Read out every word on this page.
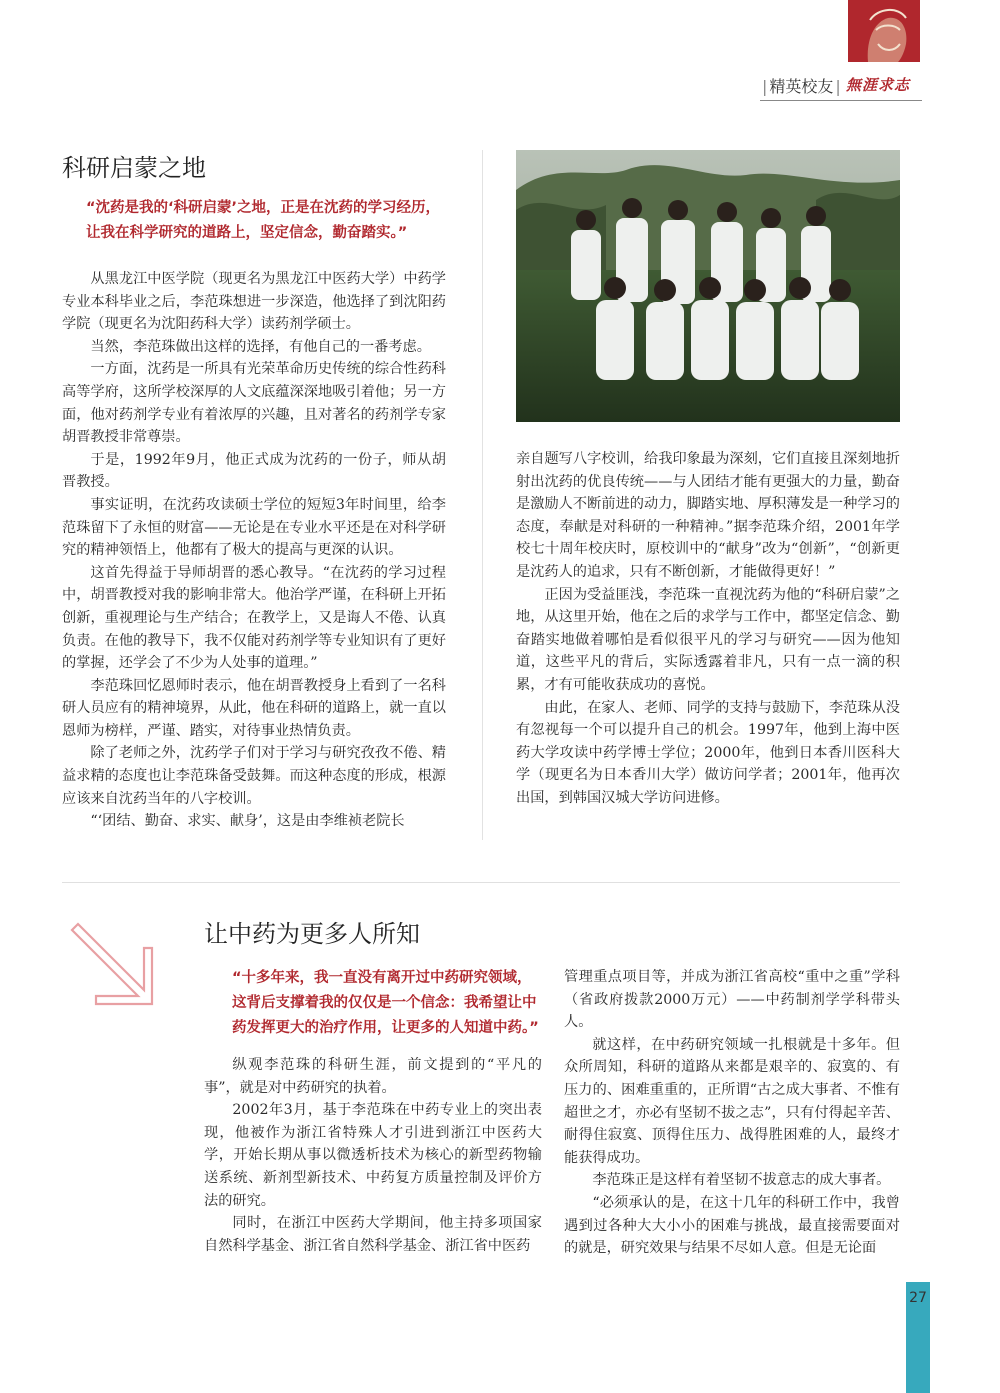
| 精英校友 | 無涯求志
科研启蒙之地
“沈药是我的‘科研启蒙’之地，正是在沈药的学习经历，让我在科学研究的道路上，坚定信念，勤奋踏实。”

从黑龙江中医学院（现更名为黑龙江中医药大学）中药学专业本科毕业之后，李范珠想进一步深造，他选择了到沈阳药学院（现更名为沈阳药科大学）读药剂学硕士。

当然，李范珠做出这样的选择，有他自己的一番考虑。

一方面，沈药是一所具有光荣革命历史传统的综合性药科高等学府，这所学校深厚的人文底蕴深深地吸引着他；另一方面，他对药剂学专业有着浓厚的兴趣，且对著名的药剂学专家胡晋教授非常尊崇。

于是，1992年9月，他正式成为沈药的一份子，师从胡晋教授。

事实证明，在沈药攻读硕士学位的短短3年时间里，给李范珠留下了永恒的财富——无论是在专业水平还是在对科学研究的精神领悟上，他都有了极大的提高与更深的认识。

这首先得益于导师胡晋的悉心教导。“在沈药的学习过程中，胡晋教授对我的影响非常大。他治学严谨，在科研上开拓创新，重视理论与生产结合；在教学上，又是诲人不倦、认真负责。在他的教导下，我不仅能对药剂学等专业知识有了更好的掌握，还学会了不少为人处事的道理。”

李范珠回忆恩师时表示，他在胡晋教授身上看到了一名科研人员应有的精神境界，从此，他在科研的道路上，就一直以恩师为榜样，严谨、踏实，对待事业热情负责。

除了老师之外，沈药学子们对于学习与研究孜孜不倦、精益求精的态度也让李范珠备受鼓舞。而这种态度的形成，根源应该来自沈药当年的八字校训。

“‘团结、勤奋、求实、献身’，这是由李维祯老院长

亲自题写八字校训，给我印象最为深刻，它们直接且深刻地折射出沈药的优良传统——与人团结才能有更强大的力量，勤奋是激励人不断前进的动力，脚踏实地、厚积薄发是一种学习的态度，奉献是对科研的一种精神。”据李范珠介绍，2001年学校七十周年校庆时，原校训中的“献身”改为“创新”，“创新更是沈药人的追求，只有不断创新，才能做得更好！”

正因为受益匪浅，李范珠一直视沈药为他的“科研启蒙”之地，从这里开始，他在之后的求学与工作中，都坚定信念、勤奋踏实地做着哪怕是看似很平凡的学习与研究——因为他知道，这些平凡的背后，实际透露着非凡，只有一点一滴的积累，才有可能收获成功的喜悦。

由此，在家人、老师、同学的支持与鼓励下，李范珠从没有忽视每一个可以提升自己的机会。1997年，他到上海中医药大学攻读中药学博士学位；2000年，他到日本香川医科大学（现更名为日本香川大学）做访问学者；2001年，他再次出国，到韩国汉城大学访问进修。

让中药为更多人所知
“十多年来，我一直没有离开过中药研究领域，这背后支撑着我的仅仅是一个信念：我希望让中药发挥更大的治疗作用，让更多的人知道中药。”

纵观李范珠的科研生涯，前文提到的“平凡的事”，就是对中药研究的执着。

2002年3月，基于李范珠在中药专业上的突出表现，他被作为浙江省特殊人才引进到浙江中医药大学，开始长期从事以微透析技术为核心的新型药物输送系统、新剂型新技术、中药复方质量控制及评价方法的研究。

同时，在浙江中医药大学期间，他主持多项国家自然科学基金、浙江省自然科学基金、浙江省中医药

管理重点项目等，并成为浙江省高校“重中之重”学科（省政府拨款2000万元）——中药制剂学学科带头人。

就这样，在中药研究领域一扎根就是十多年。但众所周知，科研的道路从来都是艰辛的、寂寞的、有压力的、困难重重的，正所谓“古之成大事者、不惟有超世之才，亦必有坚韧不拔之志”，只有付得起辛苦、耐得住寂寞、顶得住压力、战得胜困难的人，最终才能获得成功。

李范珠正是这样有着坚韧不拔意志的成大事者。

“必须承认的是，在这十几年的科研工作中，我曾遇到过各种大大小小的困难与挑战，最直接需要面对的就是，研究效果与结果不尽如人意。但是无论面

27
